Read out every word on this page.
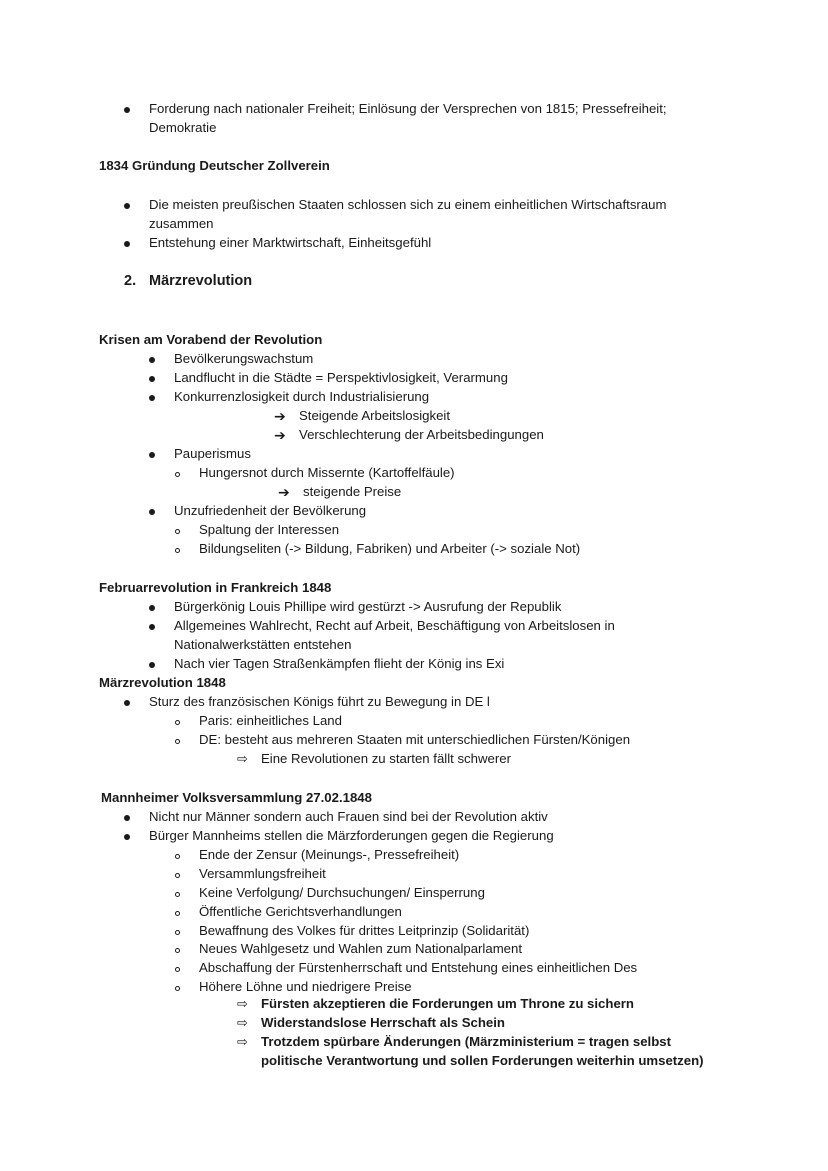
Forderung nach nationaler Freiheit; Einlösung der Versprechen von 1815; Pressefreiheit;
Demokratie
1834 Gründung Deutscher Zollverein
Die meisten preußischen Staaten schlossen sich zu einem einheitlichen Wirtschaftsraum
zusammen
Entstehung einer Marktwirtschaft, Einheitsgefühl
2. Märzrevolution
Krisen am Vorabend der Revolution
Bevölkerungswachstum
Landflucht in die Städte = Perspektivlosigkeit, Verarmung
Konkurrenzlosigkeit durch Industrialisierung
➔ Steigende Arbeitslosigkeit
➔ Verschlechterung der Arbeitsbedingungen
Pauperismus
Hungersnot durch Missernte (Kartoffelfäule)
➔ steigende Preise
Unzufriedenheit der Bevölkerung
Spaltung der Interessen
Bildungseliten (-> Bildung, Fabriken) und Arbeiter (-> soziale Not)
Februarrevolution in Frankreich 1848
Bürgerkönig Louis Phillipe wird gestürzt -> Ausrufung der Republik
Allgemeines Wahlrecht, Recht auf Arbeit, Beschäftigung von Arbeitslosen in
Nationalwerkstätten entstehen
Nach vier Tagen Straßenkämpfen flieht der König ins Exi
Märzrevolution 1848
Sturz des französischen Königs führt zu Bewegung in DE l
Paris: einheitliches Land
DE: besteht aus mehreren Staaten mit unterschiedlichen Fürsten/Königen
⇨ Eine Revolutionen zu starten fällt schwerer
Mannheimer Volksversammlung 27.02.1848
Nicht nur Männer sondern auch Frauen sind bei der Revolution aktiv
Bürger Mannheims stellen die Märzforderungen gegen die Regierung
Ende der Zensur (Meinungs-, Pressefreiheit)
Versammlungsfreiheit
Keine Verfolgung/ Durchsuchungen/ Einsperrung
Öffentliche Gerichtsverhandlungen
Bewaffnung des Volkes für drittes Leitprinzip (Solidarität)
Neues Wahlgesetz und Wahlen zum Nationalparlament
Abschaffung der Fürstenherrschaft und Entstehung eines einheitlichen Des
Höhere Löhne und niedrigere Preise
⇨ Fürsten akzeptieren die Forderungen um Throne zu sichern
⇨ Widerstandslose Herrschaft als Schein
⇨ Trotzdem spürbare Änderungen (Märzministerium = tragen selbst
politische Verantwortung und sollen Forderungen weiterhin umsetzen)
